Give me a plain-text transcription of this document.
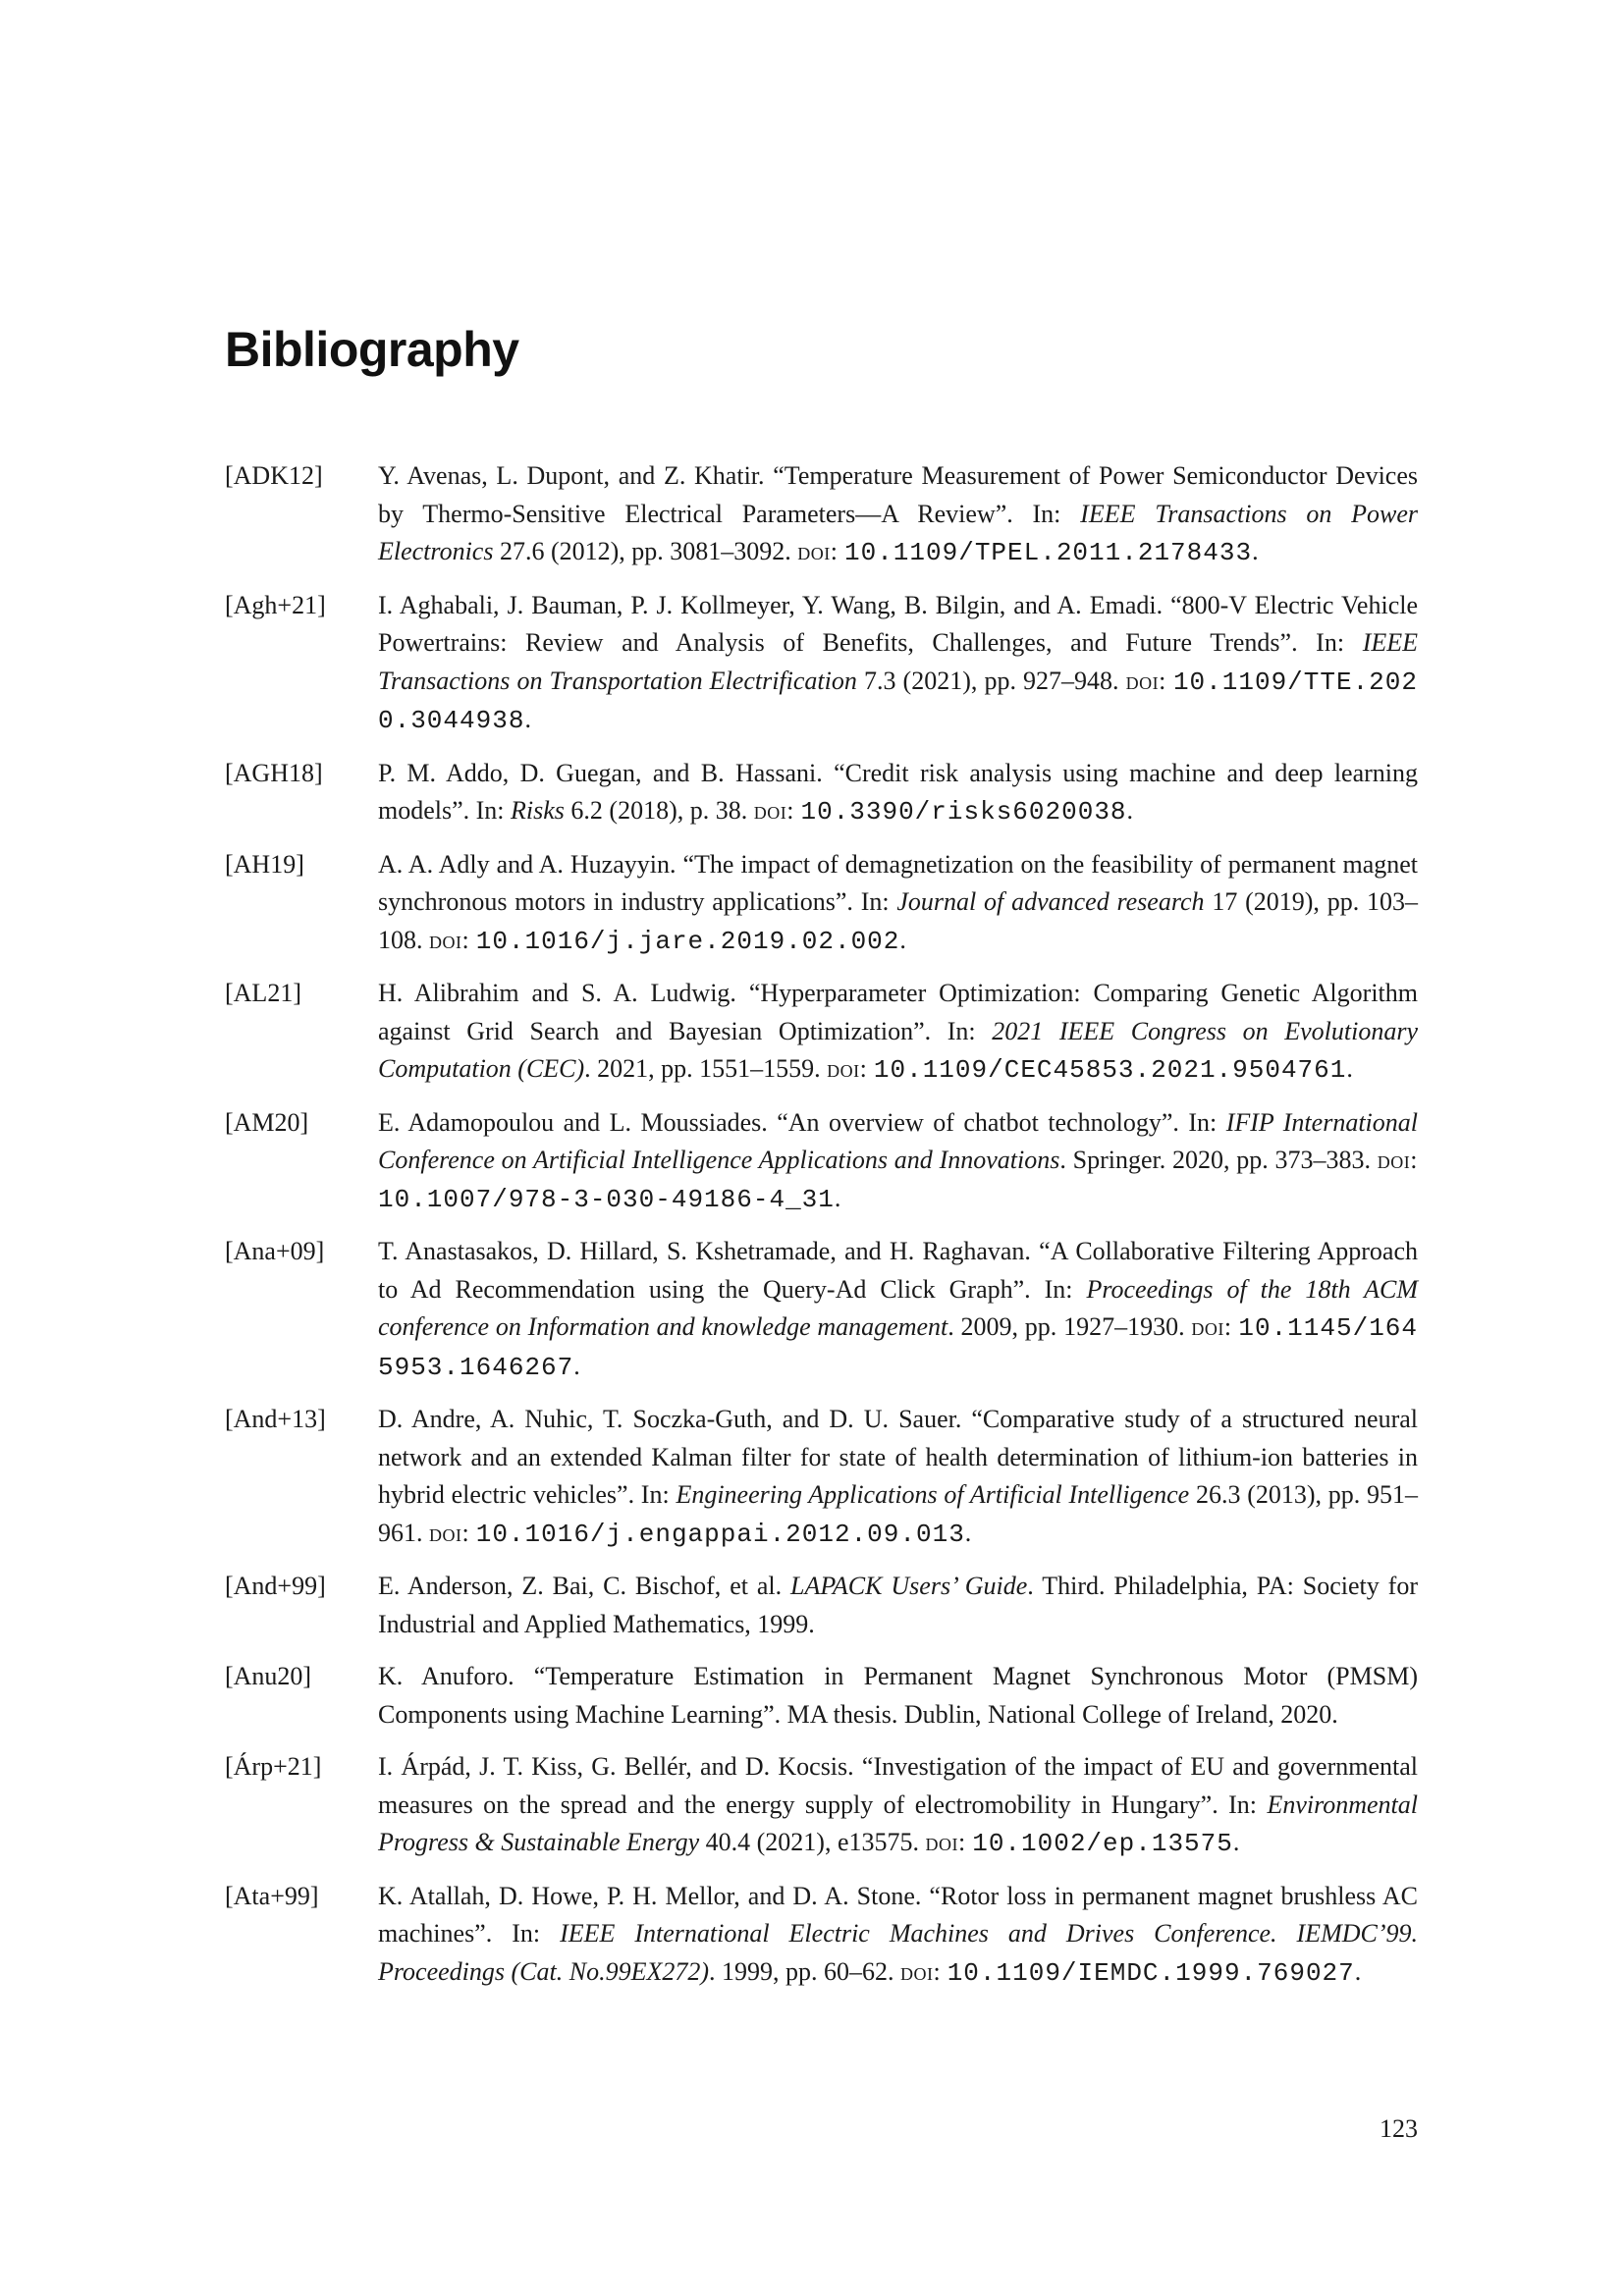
Bibliography
[ADK12]	Y. Avenas, L. Dupont, and Z. Khatir. “Temperature Measurement of Power Semiconductor Devices by Thermo-Sensitive Electrical Parameters—A Review”. In: IEEE Transactions on Power Electronics 27.6 (2012), pp. 3081–3092. doi: 10.1109/TPEL.2011.2178433.
[Agh+21]	I. Aghabali, J. Bauman, P. J. Kollmeyer, Y. Wang, B. Bilgin, and A. Emadi. “800-V Electric Vehicle Powertrains: Review and Analysis of Benefits, Challenges, and Future Trends”. In: IEEE Transactions on Transportation Electrification 7.3 (2021), pp. 927–948. doi: 10.1109/TTE.2020.3044938.
[AGH18]	P. M. Addo, D. Guegan, and B. Hassani. “Credit risk analysis using machine and deep learning models”. In: Risks 6.2 (2018), p. 38. doi: 10.3390/risks6020038.
[AH19]	A. A. Adly and A. Huzayyin. “The impact of demagnetization on the feasibility of permanent magnet synchronous motors in industry applications”. In: Journal of advanced research 17 (2019), pp. 103–108. doi: 10.1016/j.jare.2019.02.002.
[AL21]	H. Alibrahim and S. A. Ludwig. “Hyperparameter Optimization: Comparing Genetic Algorithm against Grid Search and Bayesian Optimization”. In: 2021 IEEE Congress on Evolutionary Computation (CEC). 2021, pp. 1551–1559. doi: 10.1109/CEC45853.2021.9504761.
[AM20]	E. Adamopoulou and L. Moussiades. “An overview of chatbot technology”. In: IFIP International Conference on Artificial Intelligence Applications and Innovations. Springer. 2020, pp. 373–383. doi: 10.1007/978-3-030-49186-4_31.
[Ana+09]	T. Anastasakos, D. Hillard, S. Kshetramade, and H. Raghavan. “A Collaborative Filtering Approach to Ad Recommendation using the Query-Ad Click Graph”. In: Proceedings of the 18th ACM conference on Information and knowledge management. 2009, pp. 1927–1930. doi: 10.1145/1645953.1646267.
[And+13]	D. Andre, A. Nuhic, T. Soczka-Guth, and D. U. Sauer. “Comparative study of a structured neural network and an extended Kalman filter for state of health determination of lithium-ion batteries in hybrid electric vehicles”. In: Engineering Applications of Artificial Intelligence 26.3 (2013), pp. 951–961. doi: 10.1016/j.engappai.2012.09.013.
[And+99]	E. Anderson, Z. Bai, C. Bischof, et al. LAPACK Users’ Guide. Third. Philadelphia, PA: Society for Industrial and Applied Mathematics, 1999.
[Anu20]	K. Anuforo. “Temperature Estimation in Permanent Magnet Synchronous Motor (PMSM) Components using Machine Learning”. MA thesis. Dublin, National College of Ireland, 2020.
[Árp+21]	I. Árpád, J. T. Kiss, G. Bellér, and D. Kocsis. “Investigation of the impact of EU and governmental measures on the spread and the energy supply of electromobility in Hungary”. In: Environmental Progress & Sustainable Energy 40.4 (2021), e13575. doi: 10.1002/ep.13575.
[Ata+99]	K. Atallah, D. Howe, P. H. Mellor, and D. A. Stone. “Rotor loss in permanent magnet brushless AC machines”. In: IEEE International Electric Machines and Drives Conference. IEMDC’99. Proceedings (Cat. No.99EX272). 1999, pp. 60–62. doi: 10.1109/IEMDC.1999.769027.
123
